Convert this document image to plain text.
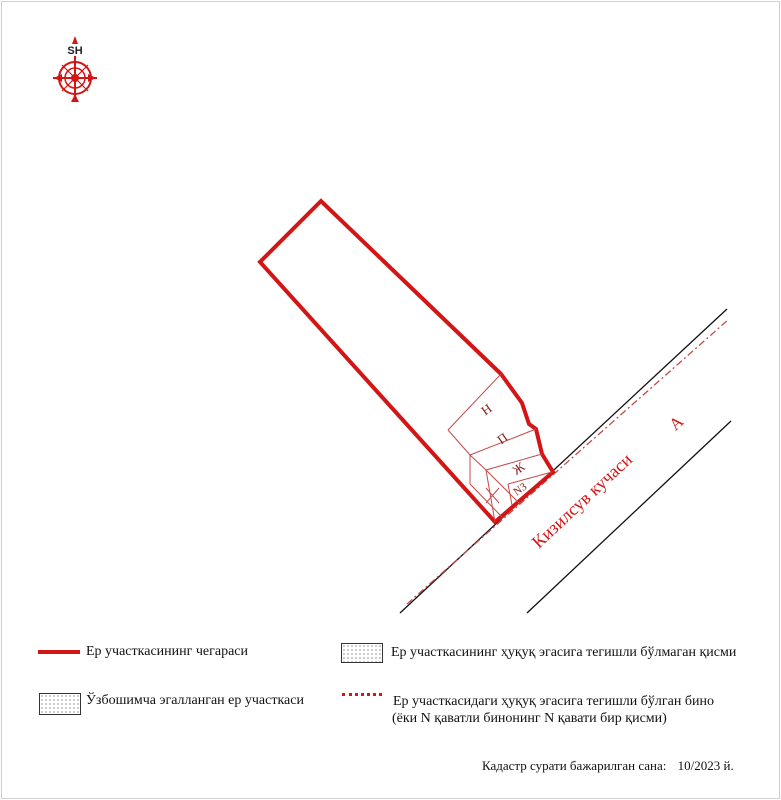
SH
Н
П
Ж
N3
Кизилсув кучаси
A
Ер участкасининг чегараси	Ер участкасининг ҳуқуқ эгасига тегишли бўлмаган қисми
Ўзбошимча эгалланган ер участкаси	Ер участкасидаги ҳуқуқ эгасига тегишли бўлган бино
(ёки N қаватли бинонинг N қавати бир қисми)
Кадастр сурати бажарилган сана: 10/2023 й.
